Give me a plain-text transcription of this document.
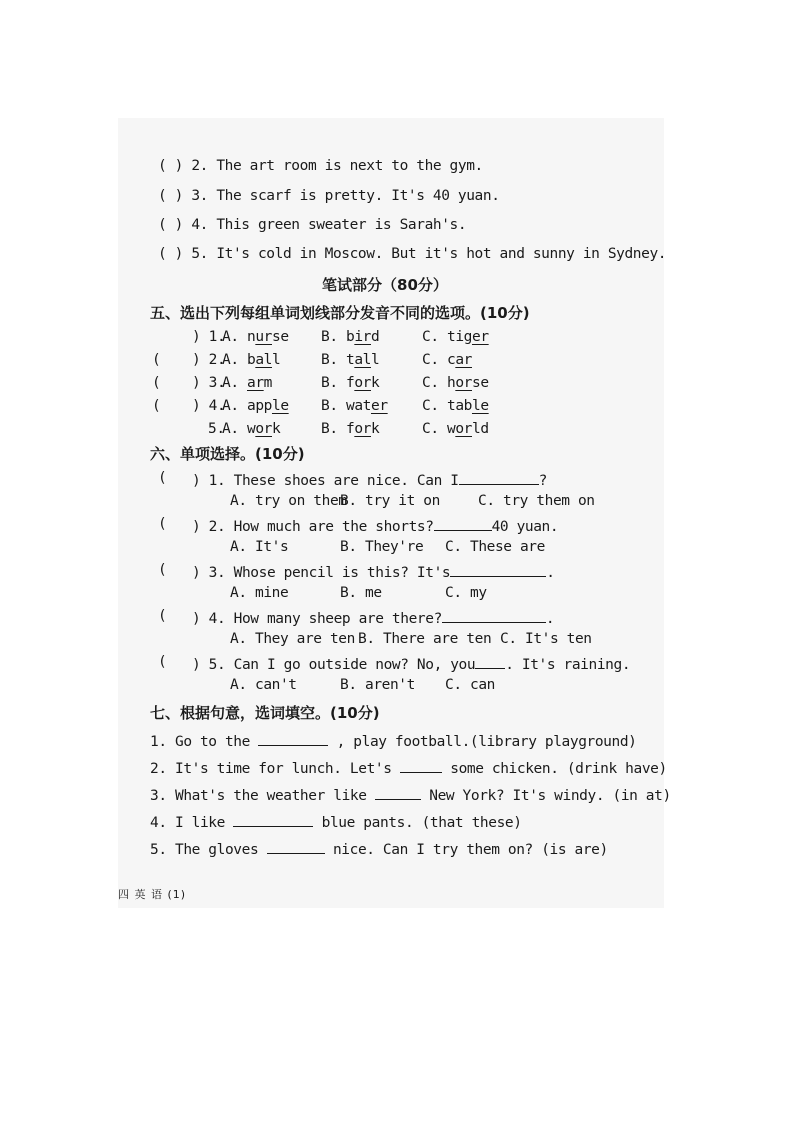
( ) 2. The art room is next to the gym.
( ) 3. The scarf is pretty. It's 40 yuan.
( ) 4. This green sweater is Sarah's.
( ) 5. It's cold in Moscow. But it's hot and sunny in Sydney.
笔试部分（80分）
五、选出下列每组单词划线部分发音不同的选项。(10分)
) 1.
A. nurse B. bird	C. tiger
( ) 2.
A. ball	B. tall	C. car
( ) 3.
A. arm	B. fork	C. horse
( ) 4.
A. apple B. water C. table
5.
A. work	B. fork	C. world
六、单项选择。(10分)
( ) 1. These shoes are nice. Can I	?
A. try on them
B. try it on	C. try them on
( ) 2. How much are the shorts?	40 yuan.
A. It's	B. They're C. These are
( ) 3. Whose pencil is this? It's	.
A. mine	B. me	C. my
( ) 4. How many sheep are there?	.
A. They are ten B. There are ten C. It's ten
( ) 5. Can I go outside now? No, you . It's raining.
A. can't	B. aren't C. can
七、根据句意，选词填空。(10分)
1. Go to the	, play football.(library playground)
2. It's time for lunch. Let's	some chicken. (drink have)
3. What's the weather like	New York? It's windy. (in at)
4. I like	blue pants. (that these)
5. The gloves	nice. Can I try them on? (is are)
四 英 语 (1)
